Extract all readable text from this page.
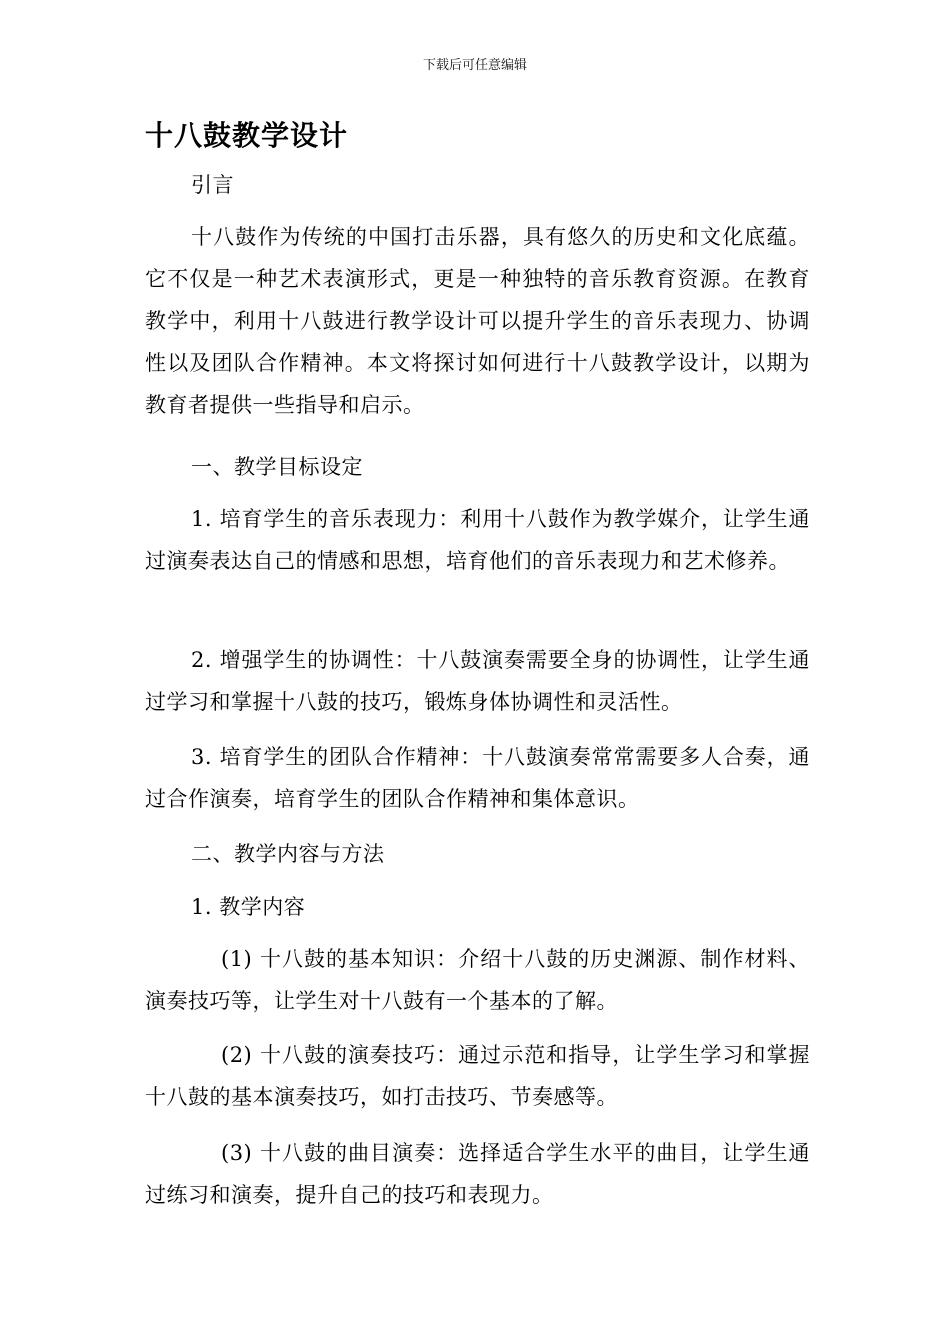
下载后可任意编辑
十八鼓教学设计
引言

十八鼓作为传统的中国打击乐器，具有悠久的历史和文化底蕴。它不仅是一种艺术表演形式，更是一种独特的音乐教育资源。在教育教学中，利用十八鼓进行教学设计可以提升学生的音乐表现力、协调性以及团队合作精神。本文将探讨如何进行十八鼓教学设计，以期为教育者提供一些指导和启示。

一、教学目标设定

1. 培育学生的音乐表现力：利用十八鼓作为教学媒介，让学生通过演奏表达自己的情感和思想，培育他们的音乐表现力和艺术修养。

2. 增强学生的协调性：十八鼓演奏需要全身的协调性，让学生通过学习和掌握十八鼓的技巧，锻炼身体协调性和灵活性。

3. 培育学生的团队合作精神：十八鼓演奏常常需要多人合奏，通过合作演奏，培育学生的团队合作精神和集体意识。

二、教学内容与方法
1. 教学内容

(1) 十八鼓的基本知识：介绍十八鼓的历史渊源、制作材料、演奏技巧等，让学生对十八鼓有一个基本的了解。

(2) 十八鼓的演奏技巧：通过示范和指导，让学生学习和掌握十八鼓的基本演奏技巧，如打击技巧、节奏感等。

(3) 十八鼓的曲目演奏：选择适合学生水平的曲目，让学生通过练习和演奏，提升自己的技巧和表现力。
